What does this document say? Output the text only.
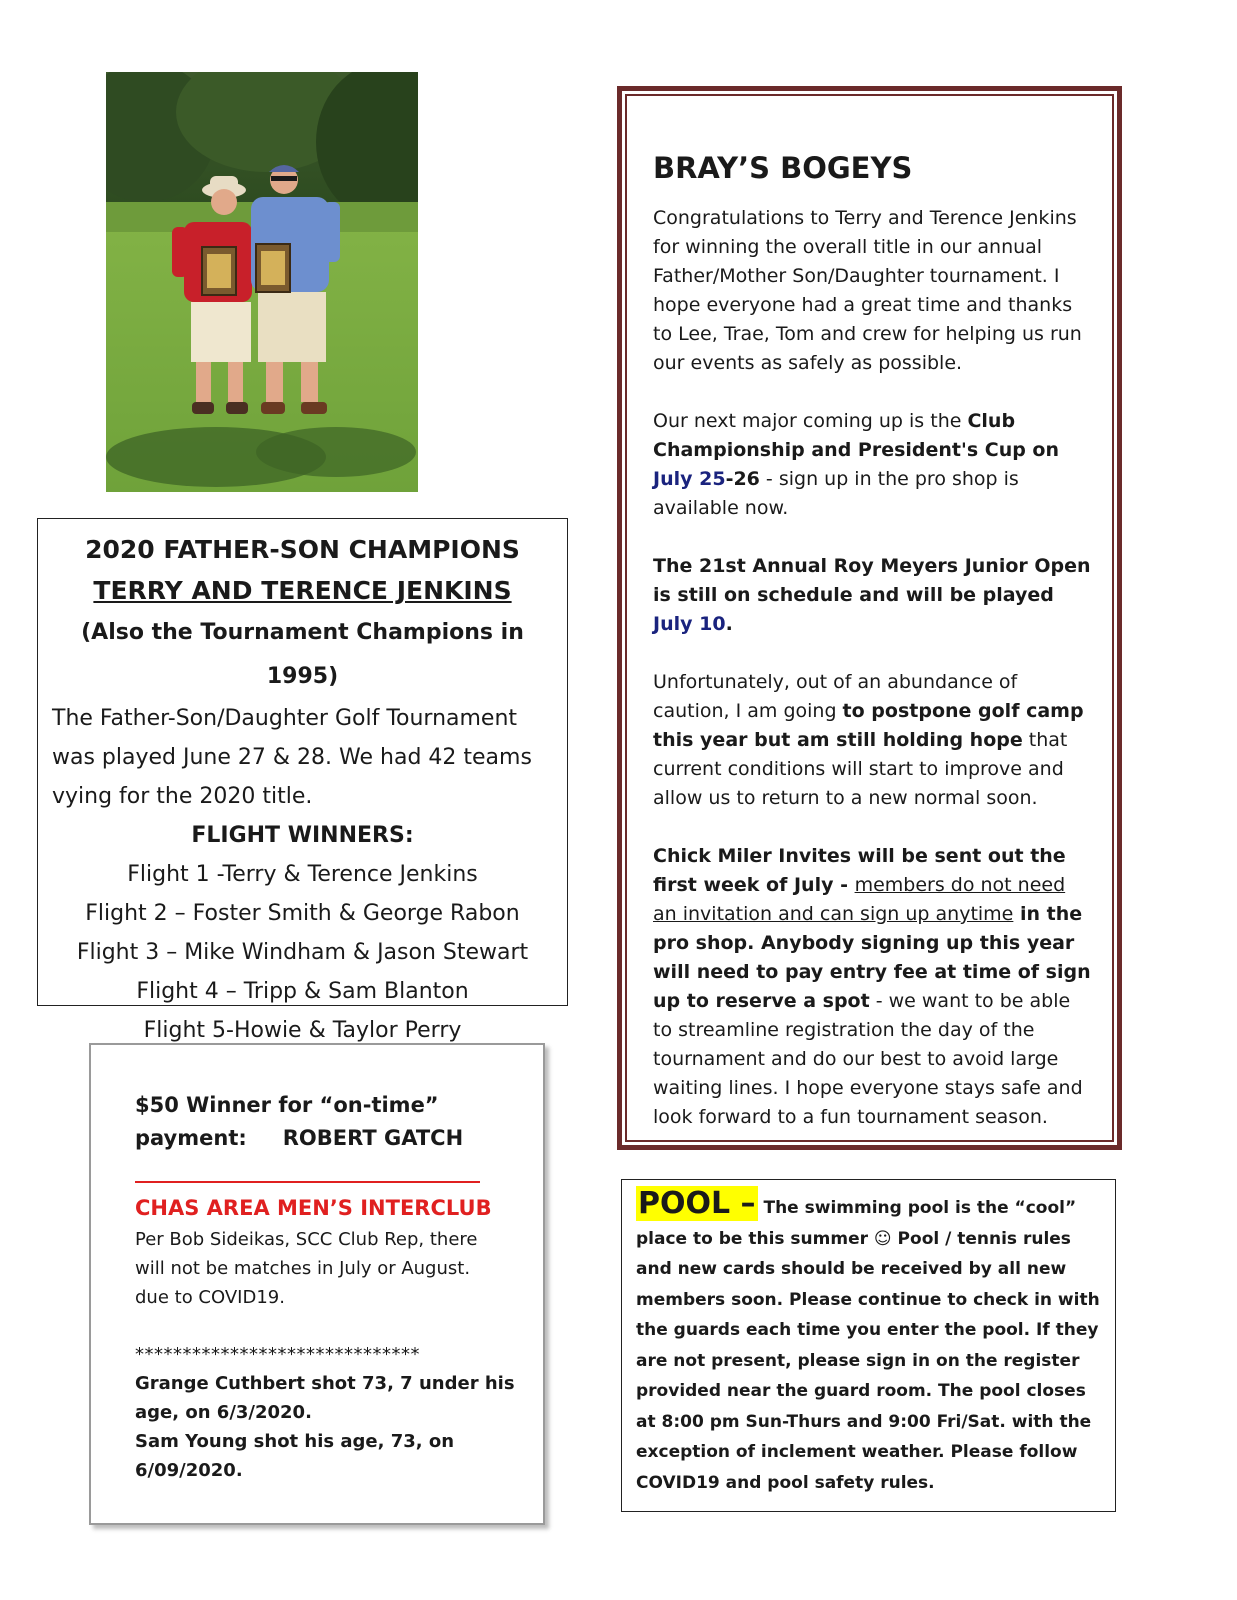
2020 FATHER-SON CHAMPIONS
TERRY AND TERENCE JENKINS
(Also the Tournament Champions in 1995)
The Father-Son/Daughter Golf Tournament was played June 27 & 28. We had 42 teams vying for the 2020 title.
FLIGHT WINNERS:
Flight 1 -Terry & Terence Jenkins
Flight 2 – Foster Smith & George Rabon
Flight 3 – Mike Windham & Jason Stewart
Flight 4 – Tripp & Sam Blanton
Flight 5-Howie & Taylor Perry
$50 Winner for “on-time”
payment: ROBERT GATCH
CHAS AREA MEN’S INTERCLUB
Per Bob Sideikas, SCC Club Rep, there
will not be matches in July or August.
due to COVID19.
******************************
Grange Cuthbert shot 73, 7 under his
age, on 6/3/2020.
Sam Young shot his age, 73, on
6/09/2020.
BRAY’S BOGEYS

Congratulations to Terry and Terence Jenkins for winning the overall title in our annual Father/Mother Son/Daughter tournament. I hope everyone had a great time and thanks to Lee, Trae, Tom and crew for helping us run our events as safely as possible.

Our next major coming up is the Club Championship and President's Cup on July 25-26 - sign up in the pro shop is available now.

The 21st Annual Roy Meyers Junior Open is still on schedule and will be played July 10.

Unfortunately, out of an abundance of caution, I am going to postpone golf camp this year but am still holding hope that current conditions will start to improve and allow us to return to a new normal soon.

Chick Miler Invites will be sent out the first week of July - members do not need an invitation and can sign up anytime in the pro shop. Anybody signing up this year will need to pay entry fee at time of sign up to reserve a spot - we want to be able to streamline registration the day of the tournament and do our best to avoid large waiting lines. I hope everyone stays safe and look forward to a fun tournament season.

POOL – The swimming pool is the “cool” place to be this summer ☺ Pool / tennis rules and new cards should be received by all new members soon. Please continue to check in with the guards each time you enter the pool. If they are not present, please sign in on the register provided near the guard room. The pool closes at 8:00 pm Sun-Thurs and 9:00 Fri/Sat. with the exception of inclement weather. Please follow COVID19 and pool safety rules.
